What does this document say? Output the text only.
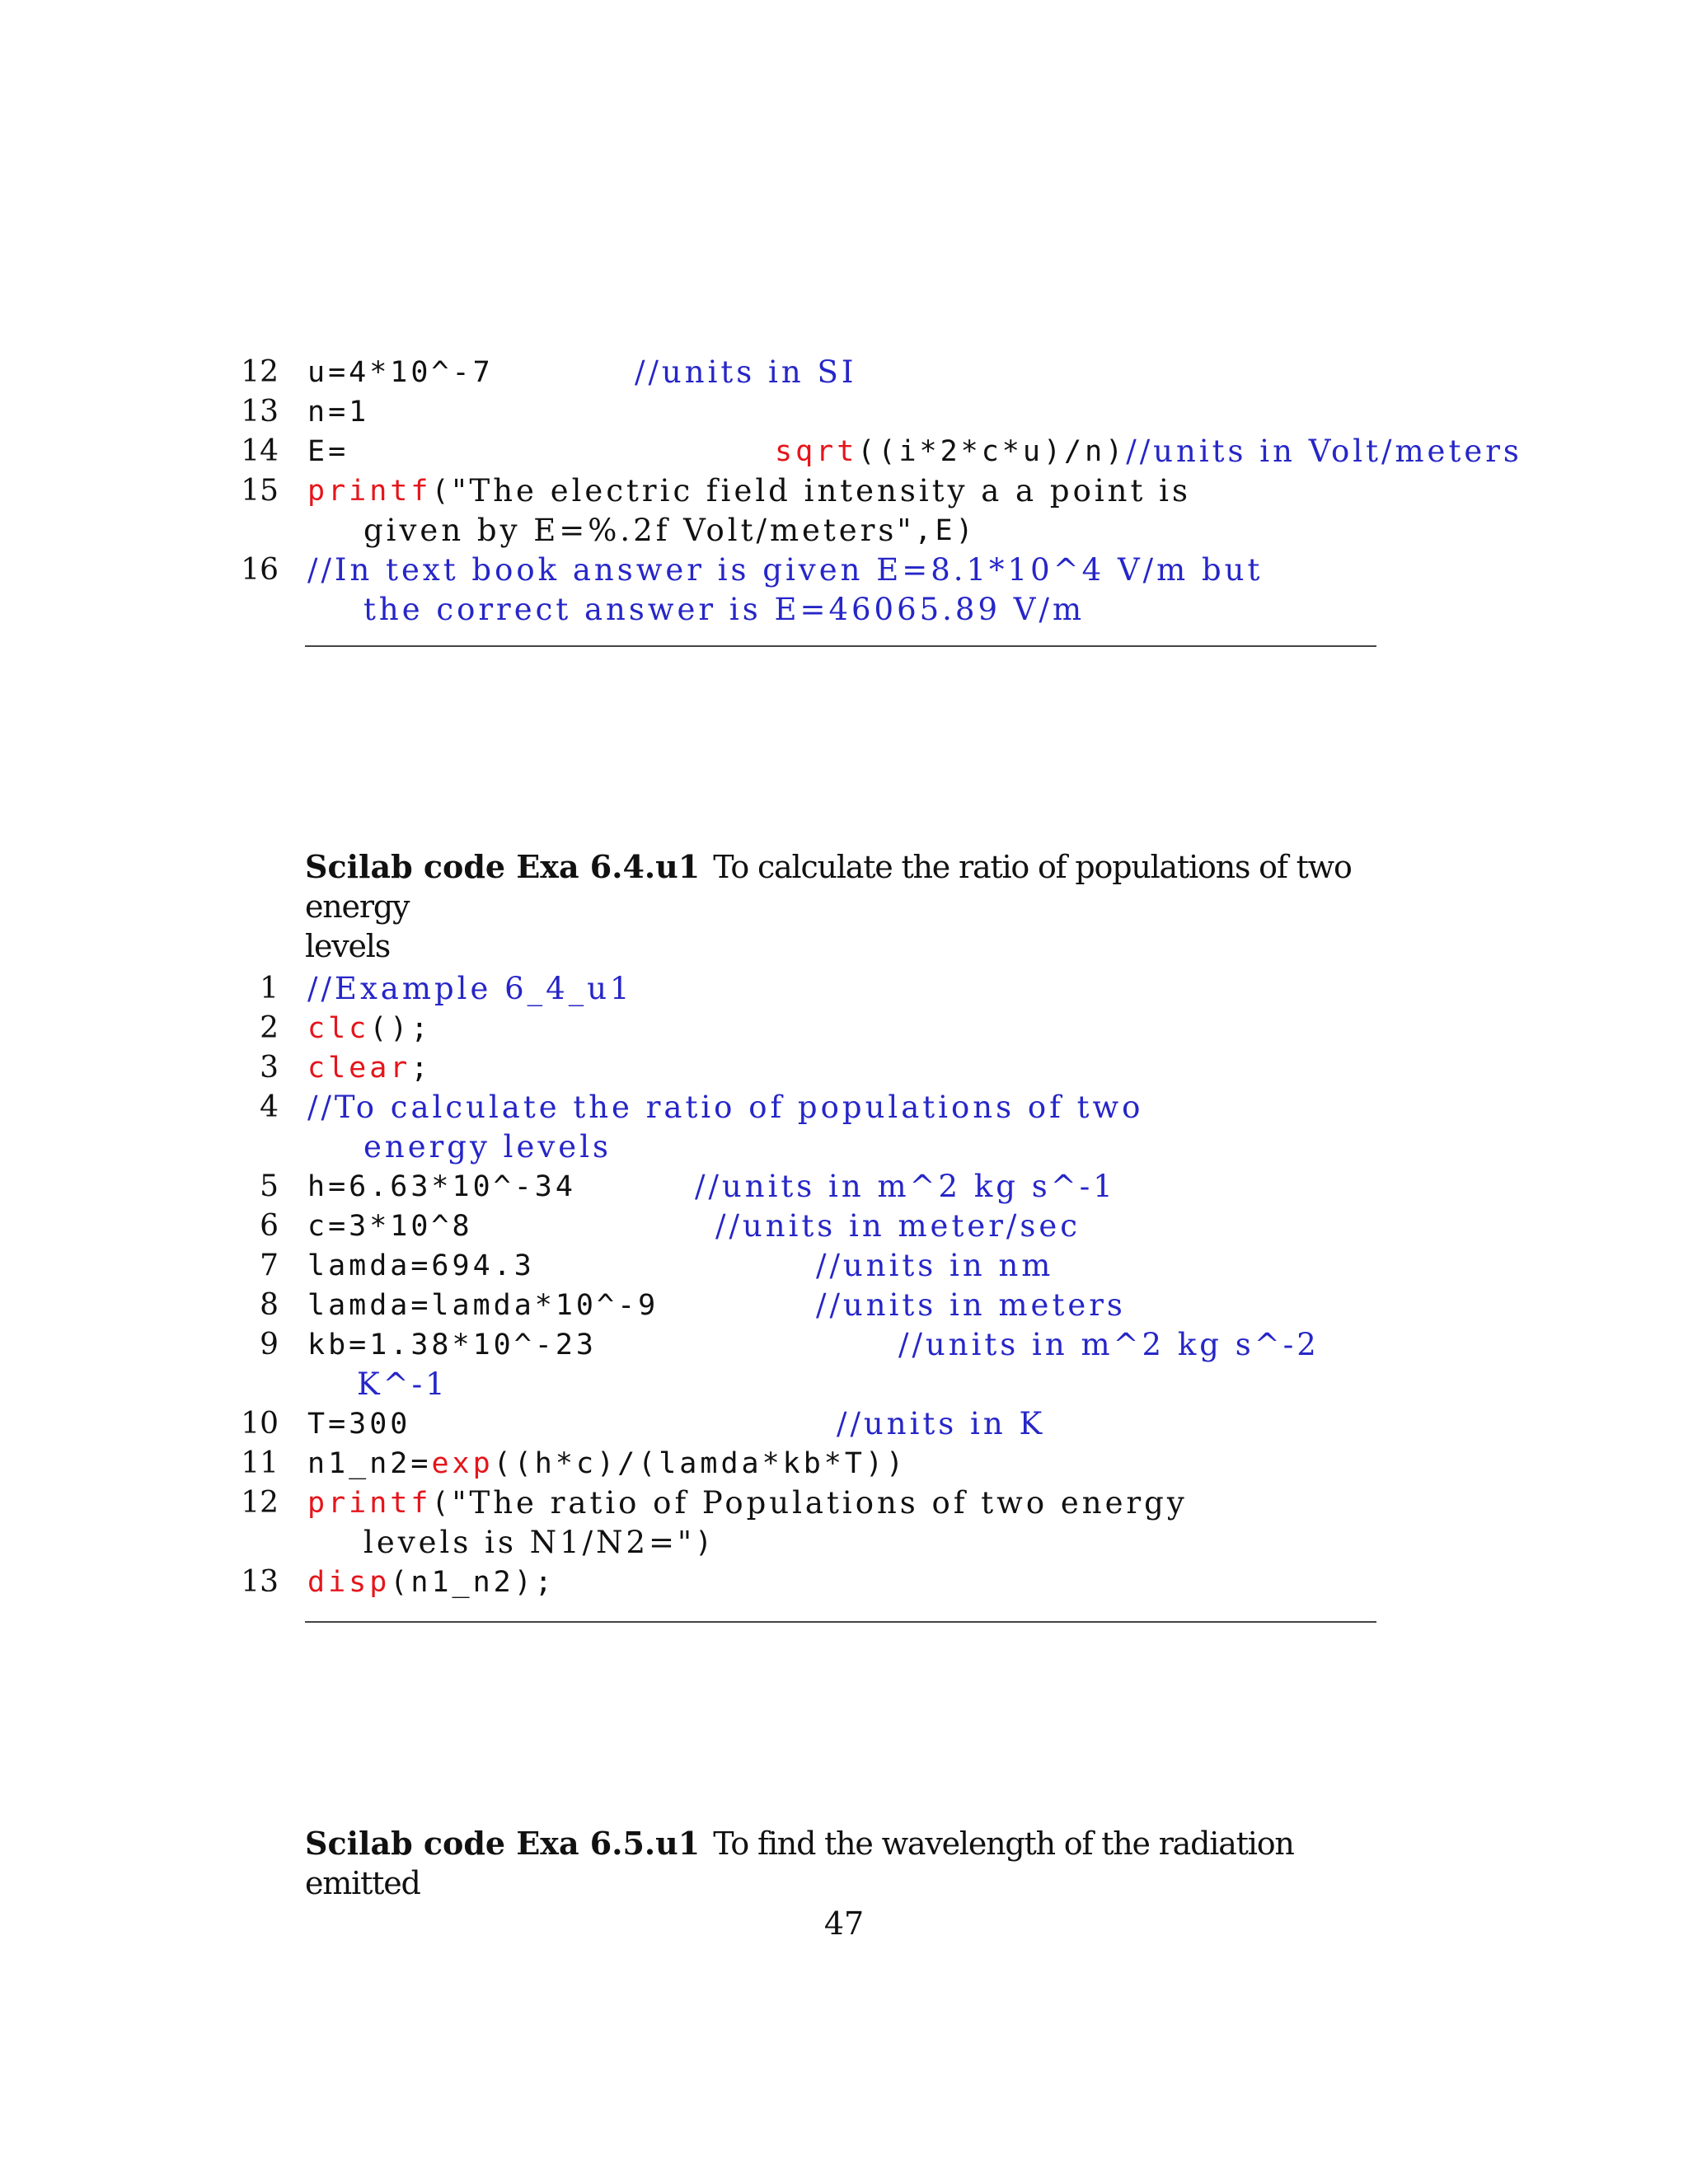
12 u=4*10^-7	//units in SI
13 n=1
14 E=	sqrt ((i*2*c*u)/n) //units in Volt/meters
15 printf ( "The electric field intensity a a point is
given by E=%.2f Volt/meters" ,E)
16 //In text book answer is given E=8.1*10^4 V/m but
the correct answer is E=46065.89 V/m
Scilab code Exa 6.4.u1 To calculate the ratio of populations of two energy
levels
1 //Example 6_4_u1
2 clc ();
3 clear ;
4 //To calculate the ratio of populations of two
energy levels
5 h=6.63*10^-34	//units in m^2 kg s^-1
6 c=3*10^8	//units in meter/sec
7 lamda=694.3	//units in nm
8 lamda=lamda*10^-9	//units in meters
9 kb=1.38*10^-23	//units in m^2 kg s^-2
K^-1
10 T=300	//units in K
11 n1_n2= exp ((h*c)/(lamda*kb*T))
12 printf ( "The ratio of Populations of two energy
levels is N1/N2=" )
13 disp (n1_n2);
Scilab code Exa 6.5.u1 To find the wavelength of the radiation emitted
47
